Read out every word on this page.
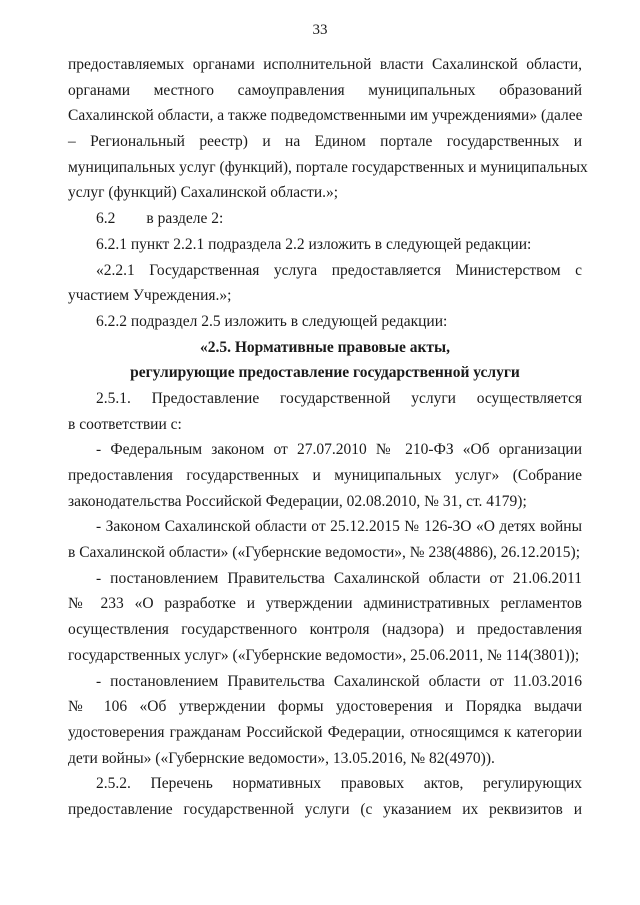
33
предоставляемых органами исполнительной власти Сахалинской области,
органами местного самоуправления муниципальных образований
Сахалинской области, а также подведомственными им учреждениями» (далее
– Региональный реестр) и на Едином портале государственных и
муниципальных услуг (функций), портале государственных и муниципальных
услуг (функций) Сахалинской области.»;
6.2        в разделе 2:
6.2.1 пункт 2.2.1 подраздела 2.2 изложить в следующей редакции:
«2.2.1 Государственная услуга предоставляется Министерством с
участием Учреждения.»;
6.2.2 подраздел 2.5 изложить в следующей редакции:
«2.5. Нормативные правовые акты,
регулирующие предоставление государственной услуги
2.5.1. Предоставление государственной услуги осуществляется
в соответствии с:
- Федеральным законом от 27.07.2010 № 210-ФЗ «Об организации
предоставления государственных и муниципальных услуг» (Собрание
законодательства Российской Федерации, 02.08.2010, № 31, ст. 4179);
- Законом Сахалинской области от 25.12.2015 № 126-ЗО «О детях войны
в Сахалинской области» («Губернские ведомости», № 238(4886), 26.12.2015);
- постановлением Правительства Сахалинской области от 21.06.2011
№ 233 «О разработке и утверждении административных регламентов
осуществления государственного контроля (надзора) и предоставления
государственных услуг» («Губернские ведомости», 25.06.2011, № 114(3801));
- постановлением Правительства Сахалинской области от 11.03.2016
№ 106 «Об утверждении формы удостоверения и Порядка выдачи
удостоверения гражданам Российской Федерации, относящимся к категории
дети войны» («Губернские ведомости», 13.05.2016, № 82(4970)).
2.5.2. Перечень нормативных правовых актов, регулирующих
предоставление государственной услуги (с указанием их реквизитов и
